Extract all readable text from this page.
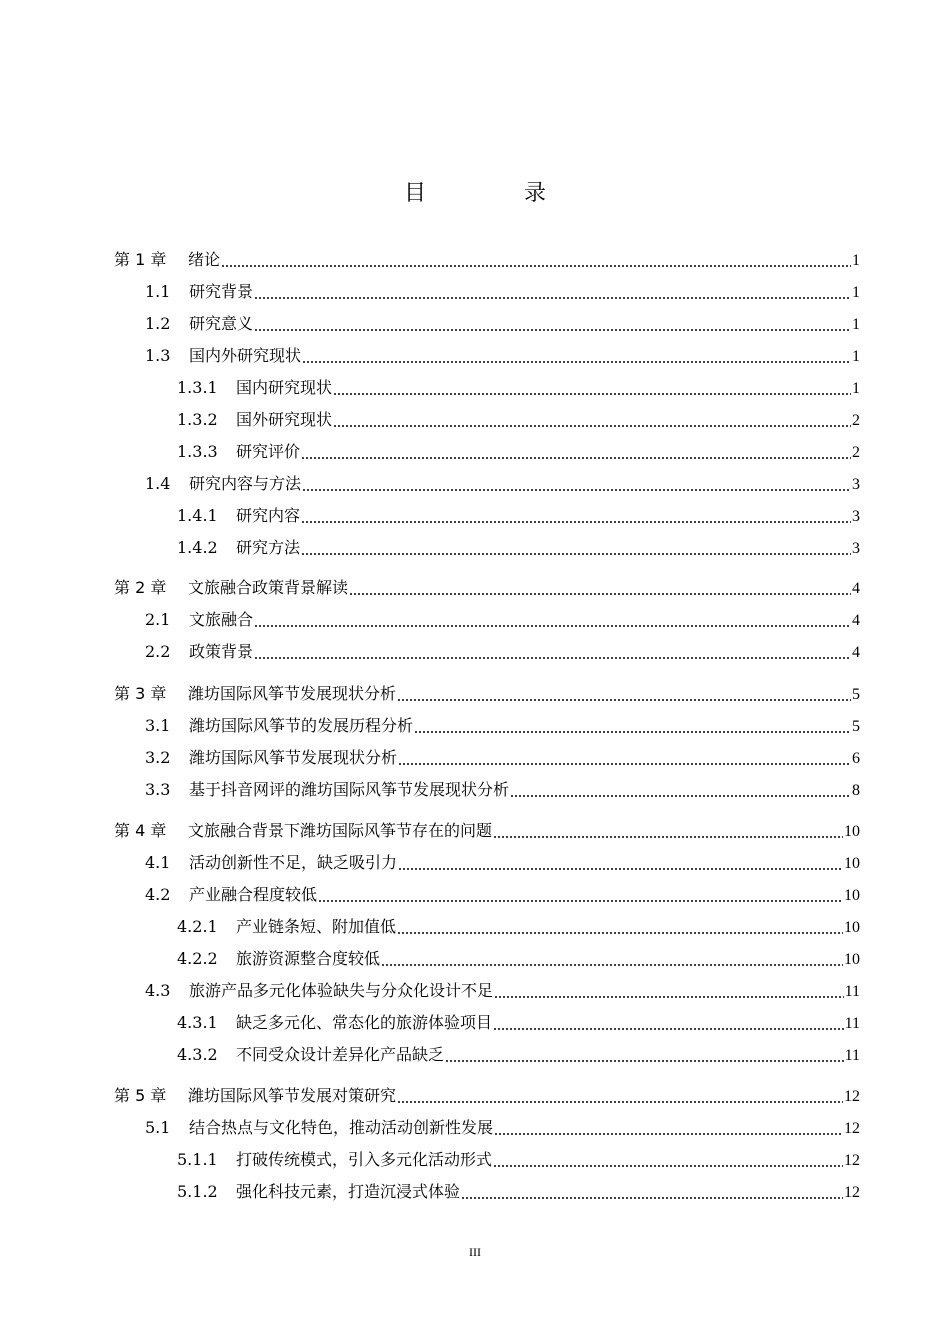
目　录
第 1 章	绪论	1
1.1	研究背景	1
1.2	研究意义	1
1.3	国内外研究现状	1
1.3.1	国内研究现状	1
1.3.2	国外研究现状	2
1.3.3	研究评价	2
1.4	研究内容与方法	3
1.4.1	研究内容	3
1.4.2	研究方法	3
第 2 章	文旅融合政策背景解读	4
2.1	文旅融合	4
2.2	政策背景	4
第 3 章	潍坊国际风筝节发展现状分析	5
3.1	潍坊国际风筝节的发展历程分析	5
3.2	潍坊国际风筝节发展现状分析	6
3.3	基于抖音网评的潍坊国际风筝节发展现状分析	8
第 4 章	文旅融合背景下潍坊国际风筝节存在的问题	10
4.1	活动创新性不足，缺乏吸引力	10
4.2	产业融合程度较低	10
4.2.1	产业链条短、附加值低	10
4.2.2	旅游资源整合度较低	10
4.3	旅游产品多元化体验缺失与分众化设计不足	11
4.3.1	缺乏多元化、常态化的旅游体验项目	11
4.3.2	不同受众设计差异化产品缺乏	11
第 5 章	潍坊国际风筝节发展对策研究	12
5.1	结合热点与文化特色，推动活动创新性发展	12
5.1.1	打破传统模式，引入多元化活动形式	12
5.1.2	强化科技元素，打造沉浸式体验	12
III
